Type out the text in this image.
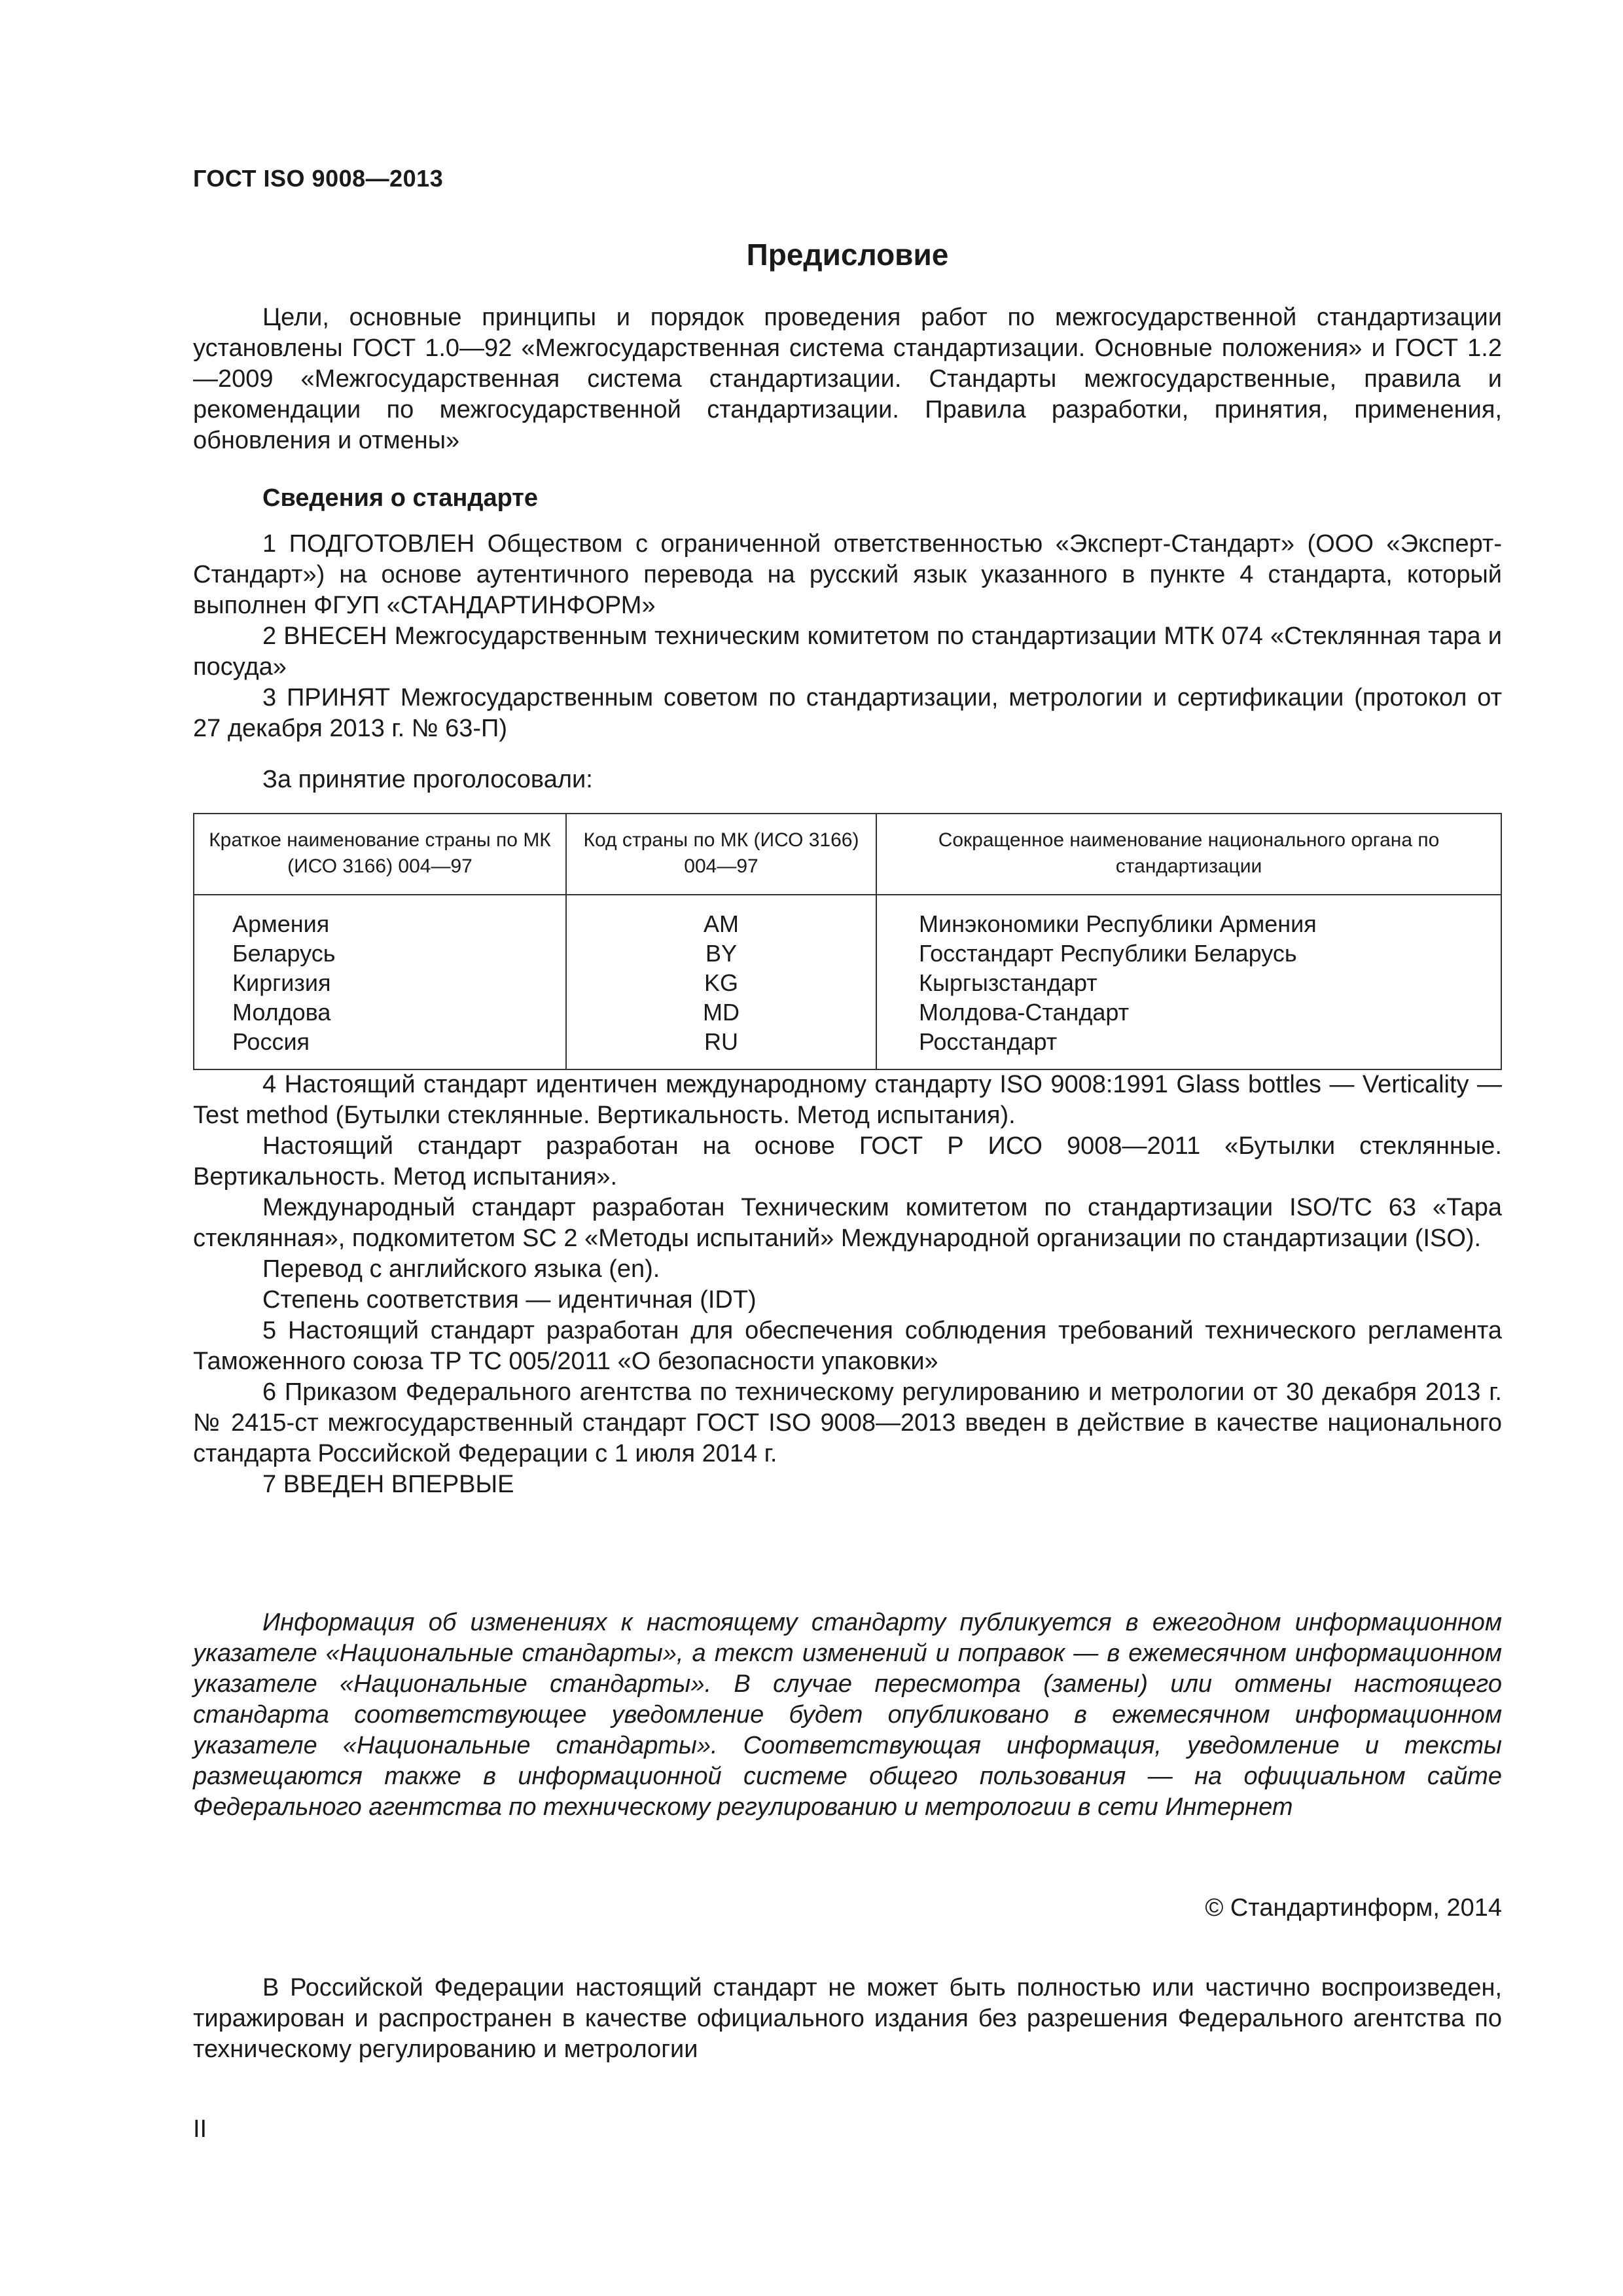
ГОСТ ISO 9008—2013
Предисловие

Цели, основные принципы и порядок проведения работ по межгосударственной стандартизации установлены ГОСТ 1.0—92 «Межгосударственная система стандартизации. Основные положения» и ГОСТ 1.2—2009 «Межгосударственная система стандартизации. Стандарты межгосударственные, правила и рекомендации по межгосударственной стандартизации. Правила разработки, принятия, применения, обновления и отмены»

Сведения о стандарте

1 ПОДГОТОВЛЕН Обществом с ограниченной ответственностью «Эксперт-Стандарт» (ООО «Эксперт-Стандарт») на основе аутентичного перевода на русский язык указанного в пункте 4 стандарта, который выполнен ФГУП «СТАНДАРТИНФОРМ»

2 ВНЕСЕН Межгосударственным техническим комитетом по стандартизации МТК 074 «Стеклянная тара и посуда»

3 ПРИНЯТ Межгосударственным советом по стандартизации, метрологии и сертификации (протокол от 27 декабря 2013 г. № 63-П)

За принятие проголосовали:

Краткое наименование страны по МК (ИСО 3166) 004—97	Код страны по МК (ИСО 3166) 004—97	Сокращенное наименование национального органа по стандартизации
Армения	AM	Минэкономики Республики Армения
Беларусь	BY	Госстандарт Республики Беларусь
Киргизия	KG	Кыргызстандарт
Молдова	MD	Молдова-Стандарт
Россия	RU	Росстандарт

4 Настоящий стандарт идентичен международному стандарту ISO 9008:1991 Glass bottles — Verticality — Test method (Бутылки стеклянные. Вертикальность. Метод испытания).

Настоящий стандарт разработан на основе ГОСТ Р ИСО 9008—2011 «Бутылки стеклянные. Вертикальность. Метод испытания».

Международный стандарт разработан Техническим комитетом по стандартизации ISO/TC 63 «Тара стеклянная», подкомитетом SC 2 «Методы испытаний» Международной организации по стандартизации (ISO).

Перевод с английского языка (en).

Степень соответствия — идентичная (IDT)

5 Настоящий стандарт разработан для обеспечения соблюдения требований технического регламента Таможенного союза ТР ТС 005/2011 «О безопасности упаковки»

6 Приказом Федерального агентства по техническому регулированию и метрологии от 30 декабря 2013 г. № 2415-ст межгосударственный стандарт ГОСТ ISO 9008—2013 введен в действие в качестве национального стандарта Российской Федерации с 1 июля 2014 г.

7 ВВЕДЕН ВПЕРВЫЕ

Информация об изменениях к настоящему стандарту публикуется в ежегодном информационном указателе «Национальные стандарты», а текст изменений и поправок — в ежемесячном информационном указателе «Национальные стандарты». В случае пересмотра (замены) или отмены настоящего стандарта соответствующее уведомление будет опубликовано в ежемесячном информационном указателе «Национальные стандарты». Соответствующая информация, уведомление и тексты размещаются также в информационной системе общего пользования — на официальном сайте Федерального агентства по техническому регулированию и метрологии в сети Интернет

© Стандартинформ, 2014

В Российской Федерации настоящий стандарт не может быть полностью или частично воспроизведен, тиражирован и распространен в качестве официального издания без разрешения Федерального агентства по техническому регулированию и метрологии

II
